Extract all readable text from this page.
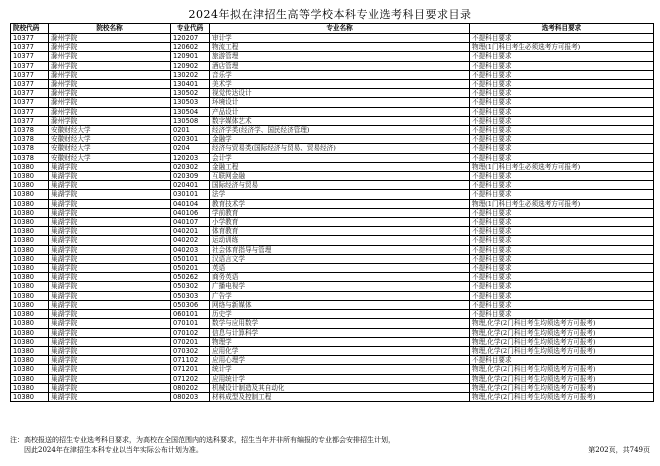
2024年拟在津招生高等学校本科专业选考科目要求目录
院校代码	院校名称	专业代码	专业名称	选考科目要求
10377	滁州学院	120207	审计学	不提科目要求
10377	滁州学院	120602	物流工程	物理(1门科目考生必须选考方可报考)
10377	滁州学院	120901	旅游管理	不提科目要求
10377	滁州学院	120902	酒店管理	不提科目要求
10377	滁州学院	130202	音乐学	不提科目要求
10377	滁州学院	130401	美术学	不提科目要求
10377	滁州学院	130502	视觉传达设计	不提科目要求
10377	滁州学院	130503	环境设计	不提科目要求
10377	滁州学院	130504	产品设计	不提科目要求
10377	滁州学院	130508	数字媒体艺术	不提科目要求
10378	安徽财经大学	0201	经济学类(经济学、国民经济管理)	不提科目要求
10378	安徽财经大学	020301	金融学	不提科目要求
10378	安徽财经大学	0204	经济与贸易类(国际经济与贸易、贸易经济)	不提科目要求
10378	安徽财经大学	120203	会计学	不提科目要求
10380	巢湖学院	020302	金融工程	物理(1门科目考生必须选考方可报考)
10380	巢湖学院	020309	互联网金融	不提科目要求
10380	巢湖学院	020401	国际经济与贸易	不提科目要求
10380	巢湖学院	030101	法学	不提科目要求
10380	巢湖学院	040104	教育技术学	物理(1门科目考生必须选考方可报考)
10380	巢湖学院	040106	学前教育	不提科目要求
10380	巢湖学院	040107	小学教育	不提科目要求
10380	巢湖学院	040201	体育教育	不提科目要求
10380	巢湖学院	040202	运动训练	不提科目要求
10380	巢湖学院	040203	社会体育指导与管理	不提科目要求
10380	巢湖学院	050101	汉语言文学	不提科目要求
10380	巢湖学院	050201	英语	不提科目要求
10380	巢湖学院	050262	商务英语	不提科目要求
10380	巢湖学院	050302	广播电视学	不提科目要求
10380	巢湖学院	050303	广告学	不提科目要求
10380	巢湖学院	050306	网络与新媒体	不提科目要求
10380	巢湖学院	060101	历史学	不提科目要求
10380	巢湖学院	070101	数学与应用数学	物理,化学(2门科目考生均须选考方可报考)
10380	巢湖学院	070102	信息与计算科学	物理,化学(2门科目考生均须选考方可报考)
10380	巢湖学院	070201	物理学	物理,化学(2门科目考生均须选考方可报考)
10380	巢湖学院	070302	应用化学	物理,化学(2门科目考生均须选考方可报考)
10380	巢湖学院	071102	应用心理学	不提科目要求
10380	巢湖学院	071201	统计学	物理,化学(2门科目考生均须选考方可报考)
10380	巢湖学院	071202	应用统计学	物理,化学(2门科目考生均须选考方可报考)
10380	巢湖学院	080202	机械设计制造及其自动化	物理,化学(2门科目考生均须选考方可报考)
10380	巢湖学院	080203	材料成型及控制工程	物理,化学(2门科目考生均须选考方可报考)
注：高校报送的招生专业选考科目要求，为高校在全国范围内的选科要求，招生当年并非所有编报的专业都会安排招生计划，
因此2024年在津招生本科专业以当年实际公布计划为准。	第202页，共749页
